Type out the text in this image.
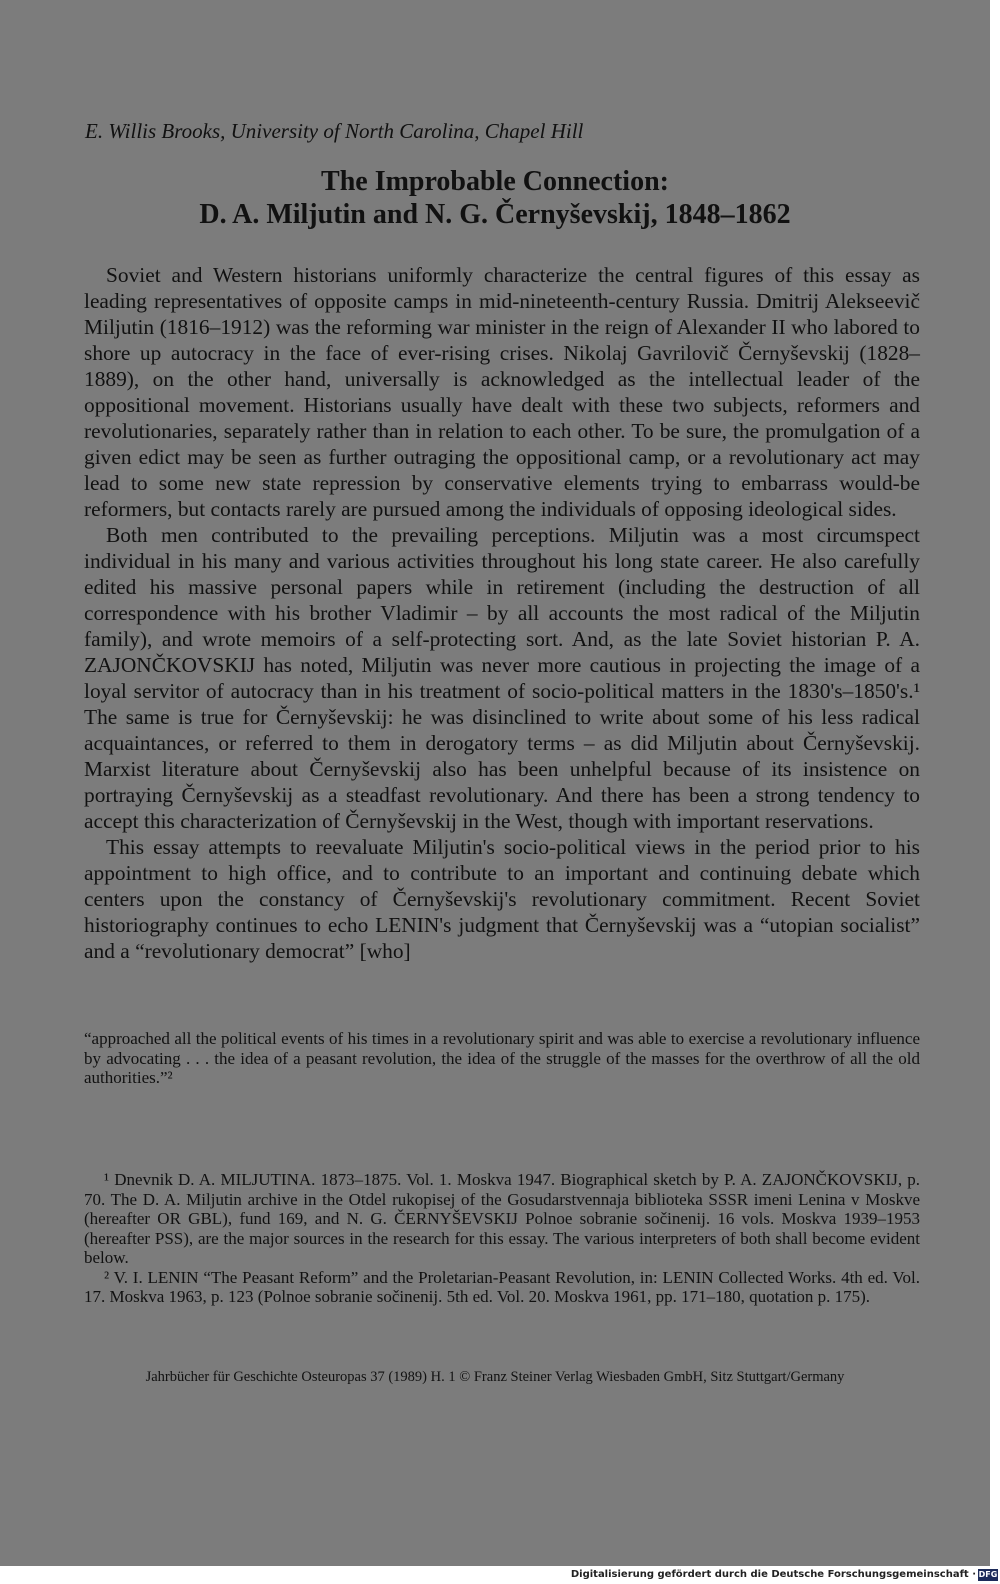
E. Willis Brooks, University of North Carolina, Chapel Hill
The Improbable Connection:
D. A. Miljutin and N. G. Černyševskij, 1848–1862

Soviet and Western historians uniformly characterize the central figures of this essay as leading representatives of opposite camps in mid-nineteenth-century Russia. Dmitrij Alekseevič Miljutin (1816–1912) was the reforming war minister in the reign of Alexander II who labored to shore up autocracy in the face of ever-rising crises. Nikolaj Gavrilovič Černyševskij (1828–1889), on the other hand, universally is acknowledged as the intellectual leader of the oppositional movement. Historians usually have dealt with these two subjects, reformers and revolutionaries, separately rather than in relation to each other. To be sure, the promulgation of a given edict may be seen as further outraging the oppositional camp, or a revolutionary act may lead to some new state repression by conservative elements trying to embarrass would-be reformers, but contacts rarely are pursued among the individuals of opposing ideological sides.

Both men contributed to the prevailing perceptions. Miljutin was a most circumspect individual in his many and various activities throughout his long state career. He also carefully edited his massive personal papers while in retirement (including the destruction of all correspondence with his brother Vladimir – by all accounts the most radical of the Miljutin family), and wrote memoirs of a self-protecting sort. And, as the late Soviet historian P. A. ZAJONČKOVSKIJ has noted, Miljutin was never more cautious in projecting the image of a loyal servitor of autocracy than in his treatment of socio-political matters in the 1830's–1850's.¹ The same is true for Černyševskij: he was disinclined to write about some of his less radical acquaintances, or referred to them in derogatory terms – as did Miljutin about Černyševskij. Marxist literature about Černyševskij also has been unhelpful because of its insistence on portraying Černyševskij as a steadfast revolutionary. And there has been a strong tendency to accept this characterization of Černyševskij in the West, though with important reservations.

This essay attempts to reevaluate Miljutin's socio-political views in the period prior to his appointment to high office, and to contribute to an important and continuing debate which centers upon the constancy of Černyševskij's revolutionary commitment. Recent Soviet historiography continues to echo LENIN's judgment that Černyševskij was a “utopian socialist” and a “revolutionary democrat” [who]

“approached all the political events of his times in a revolutionary spirit and was able to exercise a revolutionary influence by advocating . . . the idea of a peasant revolution, the idea of the struggle of the masses for the overthrow of all the old authorities.”²

¹ Dnevnik D. A. MILJUTINA. 1873–1875. Vol. 1. Moskva 1947. Biographical sketch by P. A. ZAJONČKOVSKIJ, p. 70. The D. A. Miljutin archive in the Otdel rukopisej of the Gosudarstvennaja biblioteka SSSR imeni Lenina v Moskve (hereafter OR GBL), fund 169, and N. G. ČERNYŠEVSKIJ Polnoe sobranie sočinenij. 16 vols. Moskva 1939–1953 (hereafter PSS), are the major sources in the research for this essay. The various interpreters of both shall become evident below.

² V. I. LENIN “The Peasant Reform” and the Proletarian-Peasant Revolution, in: LENIN Collected Works. 4th ed. Vol. 17. Moskva 1963, p. 123 (Polnoe sobranie sočinenij. 5th ed. Vol. 20. Moskva 1961, pp. 171–180, quotation p. 175).

Jahrbücher für Geschichte Osteuropas 37 (1989) H. 1 © Franz Steiner Verlag Wiesbaden GmbH, Sitz Stuttgart/Germany
Digitalisierung gefördert durch die Deutsche Forschungsgemeinschaft · DFG
